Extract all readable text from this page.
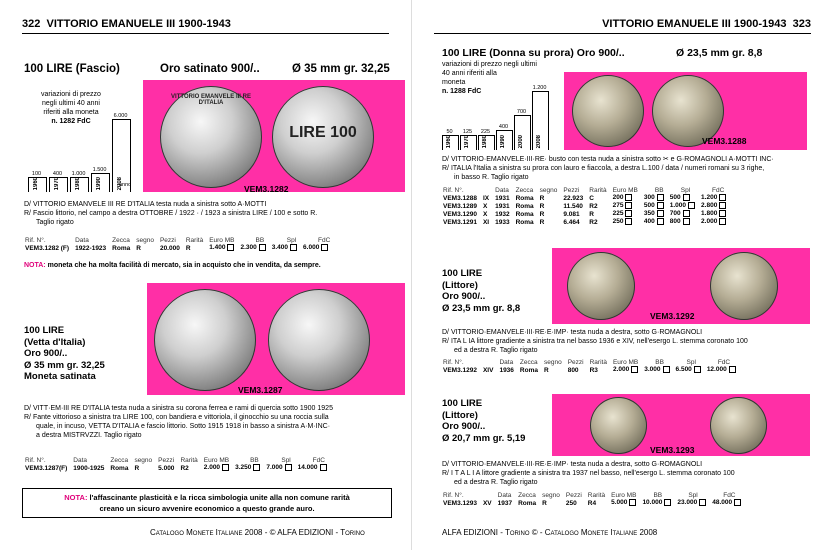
322 VITTORIO EMANUELE III 1900-1943
100 LIRE (Fascio)	Oro satinato 900/..	Ø 35 mm gr. 32,25
variazioni di prezzo
negli ultimi 40 anni
riferiti alla moneta
n. 1282 FdC
1960
100
1970
400
1980
1.000
1990
1.500
2008
6.000
anno
VITTORIO EMANVELE III RE D'ITALIA
LIRE 100
VEM3.1282
D/ VITTORIO EMANVELE III RE D'ITALIA testa nuda a sinistra sotto A·MOTTI
R/ Fascio littorio, nel campo a destra OTTOBRE / 1922 · / 1923 a sinistra LIRE / 100 e sotto R.
Taglio rigato
Rif. N°.	Data	Zecca	segno	Pezzi	Rarità	Euro MB	BB	Spl	FdC
VEM3.1282 (F)	1922-1923	Roma	R	20.000	R	1.400	2.300	3.400	6.000
NOTA: moneta che ha molta facilità di mercato, sia in acquisto che in vendita, da sempre.
VEM3.1287
100 LIRE
(Vetta d'Italia)
Oro 900/..
Ø 35 mm gr. 32,25
Moneta satinata
D/ VITT·EM·III RE D'ITALIA testa nuda a sinistra su corona ferrea e rami di quercia sotto 1900 1925
R/ Fante vittorioso a sinistra tra LIRE 100, con bandiera e vittoriola, il ginocchio su una roccia sulla
quale, in incuso, VETTA D'ITALIA e fascio littorio. Sotto 1915 1918 in basso a sinistra A·M·INC·
a destra MISTRVZZI. Taglio rigato
Rif. N°.	Data	Zecca	segno	Pezzi	Rarità	Euro MB	BB	Spl	FdC
VEM3.1287(F)	1900-1925	Roma	R	5.000	R2	2.000	3.250	7.000	14.000
NOTA: l'affascinante plasticità e la ricca simbologia unite alla non comune rarità
creano un sicuro avvenire economico a questo grande auro.
Catalogo Monete Italiane 2008 - © ALFA EDIZIONI - Torino
VITTORIO EMANUELE III 1900-1943 323
100 LIRE (Donna su prora) Oro 900/..	Ø 23,5 mm gr. 8,8
variazioni di prezzo negli ultimi
40 anni riferiti alla
moneta
n. 1288 FdC
1960
50
1970
125
1980
225
1990
400
2000
700
2008
1.200
VEM3.1288
D/ VITTORIO·EMANVELE·III·RE· busto con testa nuda a sinistra sotto ✂ e G·ROMAGNOLI A·MOTTI INC·
R/ ITALIA l'Italia a sinistra su prora con lauro e fiaccola, a destra L.100 / data / numeri romani su 3 righe,
in basso R. Taglio rigato
Rif. N°.		Data	Zecca	segno	Pezzi	Rarità	Euro MB	BB	Spl	FdC
VEM3.1288	IX	1931	Roma	R	22.923	C	200	300	500	1.200
VEM3.1289	X	1931	Roma	R	11.540	R2	275	500	1.000	2.800
VEM3.1290	X	1932	Roma	R	9.081	R	225	350	700	1.800
VEM3.1291	XI	1933	Roma	R	6.464	R2	250	400	800	2.000
100 LIRE
(Littore)
Oro 900/..
Ø 23,5 mm gr. 8,8
VEM3.1292
D/ VITTORIO·EMANVELE·III·RE·E·IMP· testa nuda a destra, sotto G·ROMAGNOLI
R/ ITA L IA littore gradiente a sinistra tra nel basso 1936 e XIV, nell'esergo L. stemma coronato 100
ed a destra R. Taglio rigato
Rif. N°.		Data	Zecca	segno	Pezzi	Rarità	Euro MB	BB	Spl	FdC
VEM3.1292	XIV	1936	Roma	R	800	R3	2.000	3.000	6.500	12.000
100 LIRE
(Littore)
Oro 900/..
Ø 20,7 mm gr. 5,19
VEM3.1293
D/ VITTORIO·EMANVELE·III·RE·E·IMP· testa nuda a destra, sotto G·ROMAGNOLI
R/ I T A L I A littore gradiente a sinistra tra 1937 nel basso, nell'esergo L. stemma coronato 100
ed a destra R. Taglio rigato
Rif. N°.		Data	Zecca	segno	Pezzi	Rarità	Euro MB	BB	Spl	FdC
VEM3.1293	XV	1937	Roma	R	250	R4	5.000	10.000	23.000	48.000
ALFA EDIZIONI - Torino © - Catalogo Monete Italiane 2008
